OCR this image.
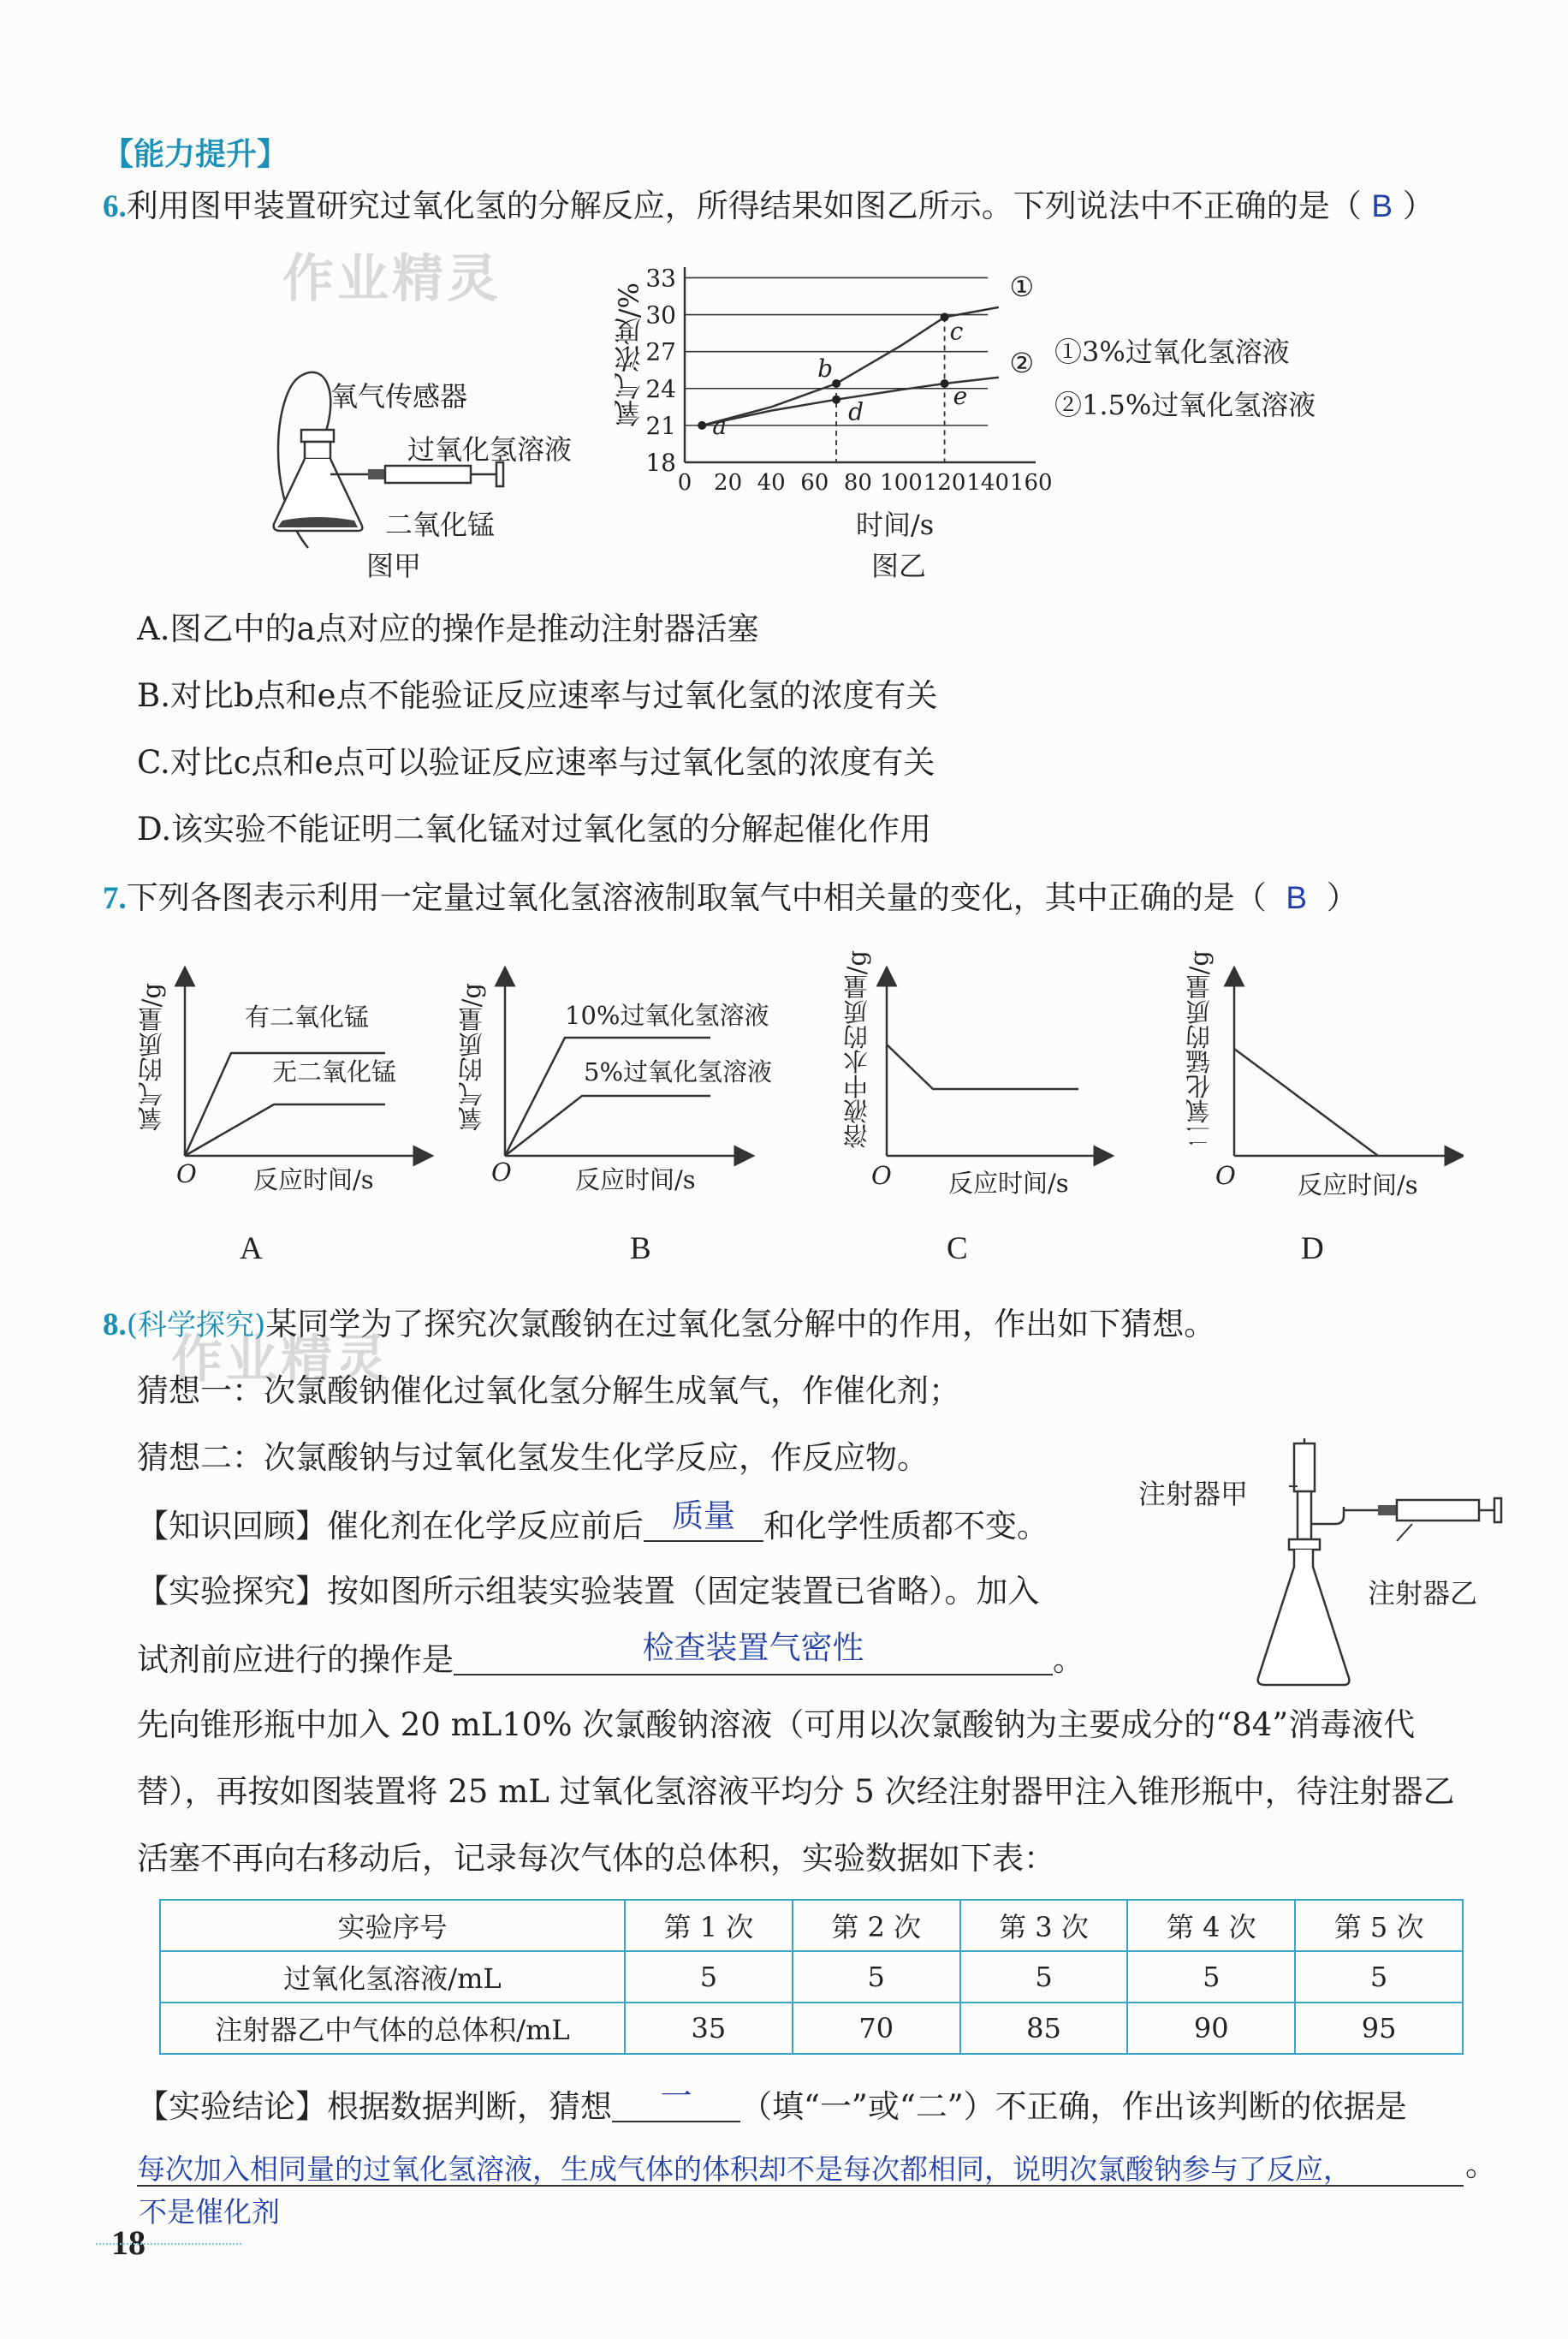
【能力提升】
作业精灵
作业精灵
6.利用图甲装置研究过氧化氢的分解反应，所得结果如图乙所示。下列说法中不正确的是（ B ）
氧气传感器
过氧化氢溶液
二氧化锰
图甲
33
30
27
24
21
18
0 20 40 60 80 100 120 140 160
a
b
c
d
e
①
②
氧气浓度/%
时间/s
图乙
①3%过氧化氢溶液
②1.5%过氧化氢溶液
A.图乙中的a点对应的操作是推动注射器活塞
B.对比b点和e点不能验证反应速率与过氧化氢的浓度有关
C.对比c点和e点可以验证反应速率与过氧化氢的浓度有关
D.该实验不能证明二氧化锰对过氧化氢的分解起催化作用
7.下列各图表示利用一定量过氧化氢溶液制取氧气中相关量的变化，其中正确的是（ B ）
氧气的质量/g	有二氧化锰
无二氧化锰
O 反应时间/s
A
氧气的质量/g	10%过氧化氢溶液
5%过氧化氢溶液
O	反应时间/s
B
溶液中水的质量/g
O 反应时间/s
C
二氧化锰的质量/g
O 反应时间/s
D
8.(科学探究)某同学为了探究次氯酸钠在过氧化氢分解中的作用，作出如下猜想。
猜想一：次氯酸钠催化过氧化氢分解生成氧气，作催化剂；
猜想二：次氯酸钠与过氧化氢发生化学反应，作反应物。
【知识回顾】催化剂在化学反应前后 质量 和化学性质都不变。
【实验探究】按如图所示组装实验装置（固定装置已省略）。加入
试剂前应进行的操作是	检查装置气密性	。
注射器甲
注射器乙
先向锥形瓶中加入 20 mL10% 次氯酸钠溶液（可用以次氯酸钠为主要成分的“84”消毒液代
替），再按如图装置将 25 mL 过氧化氢溶液平均分 5 次经注射器甲注入锥形瓶中，待注射器乙
活塞不再向右移动后，记录每次气体的总体积，实验数据如下表：
实验序号	第 1 次	第 2 次	第 3 次	第 4 次	第 5 次
过氧化氢溶液/mL	5	5	5	5	5
注射器乙中气体的总体积/mL	35	70	85	90	95
【实验结论】根据数据判断，猜想	一	（填“一”或“二”）不正确，作出该判断的依据是
每次加入相同量的过氧化氢溶液，生成气体的体积却不是每次都相同，说明次氯酸钠参与了反应，	。
不是催化剂
18
